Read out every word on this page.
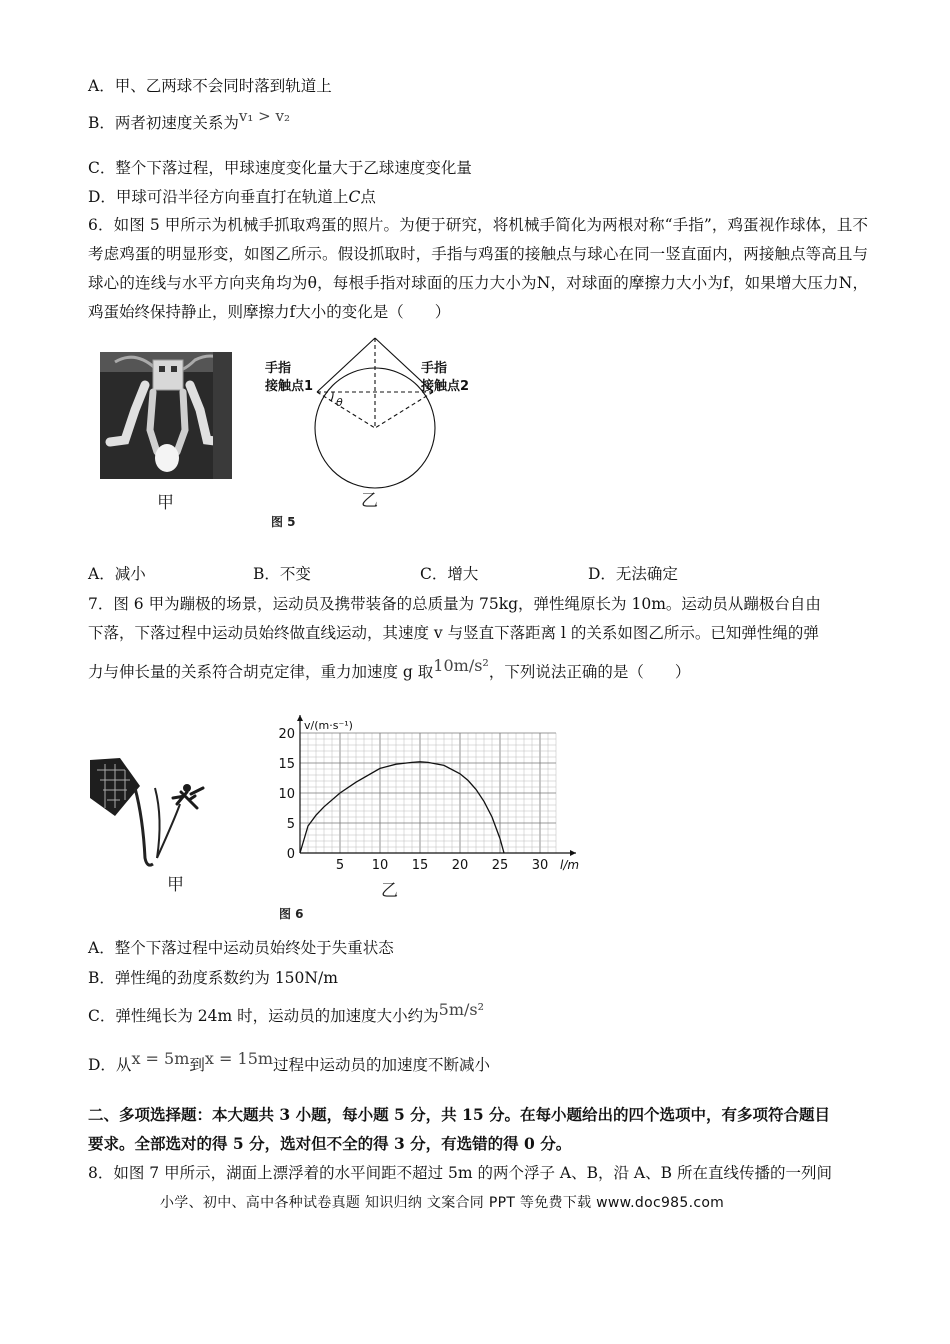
A．甲、乙两球不会同时落到轨道上
B．两者初速度关系为v₁ > v₂
C．整个下落过程，甲球速度变化量大于乙球速度变化量
D．甲球可沿半径方向垂直打在轨道上C点
6．如图 5 甲所示为机械手抓取鸡蛋的照片。为便于研究，将机械手简化为两根对称“手指”，鸡蛋视作球体，且不考虑鸡蛋的明显形变，如图乙所示。假设抓取时，手指与鸡蛋的接触点与球心在同一竖直面内，两接触点等高且与球心的连线与水平方向夹角均为θ，每根手指对球面的压力大小为N，对球面的摩擦力大小为f，如果增大压力N，鸡蛋始终保持静止，则摩擦力f大小的变化是（　　）
甲
θ
手指
接触点1
手指
接触点2
乙
图 5
A．减小	B．不变	C．增大	D．无法确定
7．图 6 甲为蹦极的场景，运动员及携带装备的总质量为 75kg，弹性绳原长为 10m。运动员从蹦极台自由
下落，下落过程中运动员始终做直线运动，其速度 v 与竖直下落距离 l 的关系如图乙所示。已知弹性绳的弹
力与伸长量的关系符合胡克定律，重力加速度 g 取10m/s²，下列说法正确的是（　　）
甲
5 10 15 20 25 30
0
5
10
15
20
l/m
v/(m·s⁻¹)
乙
图 6
A．整个下落过程中运动员始终处于失重状态
B．弹性绳的劲度系数约为 150N/m
C．弹性绳长为 24m 时，运动员的加速度大小约为5m/s²
D．从x = 5m到x = 15m过程中运动员的加速度不断减小
二、多项选择题：本大题共 3 小题，每小题 5 分，共 15 分。在每小题给出的四个选项中，有多项符合题目
要求。全部选对的得 5 分，选对但不全的得 3 分，有选错的得 0 分。
8．如图 7 甲所示，湖面上漂浮着的水平间距不超过 5m 的两个浮子 A、B，沿 A、B 所在直线传播的一列间
小学、初中、高中各种试卷真题 知识归纳 文案合同 PPT 等免费下载 www.doc985.com
